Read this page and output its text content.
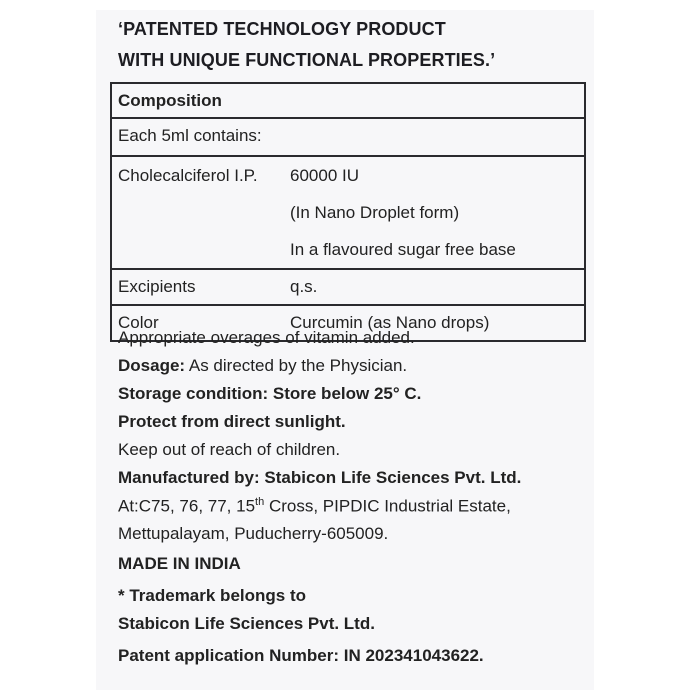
‘PATENTED TECHNOLOGY PRODUCT
WITH UNIQUE FUNCTIONAL PROPERTIES.’
Composition	
Each 5ml contains:	

Cholecalciferol I.P.	60000 IU
(In Nano Droplet form)
In a flavoured sugar free base

Excipients	q.s.
Color	Curcumin (as Nano drops)
Appropriate overages of vitamin added.
Dosage: As directed by the Physician.
Storage condition: Store below 25° C.
Protect from direct sunlight.
Keep out of reach of children.
Manufactured by: Stabicon Life Sciences Pvt. Ltd.
At:C75, 76, 77, 15th Cross, PIPDIC Industrial Estate,
Mettupalayam, Puducherry-605009.
MADE IN INDIA
* Trademark belongs to
Stabicon Life Sciences Pvt. Ltd.
Patent application Number: IN 202341043622.
